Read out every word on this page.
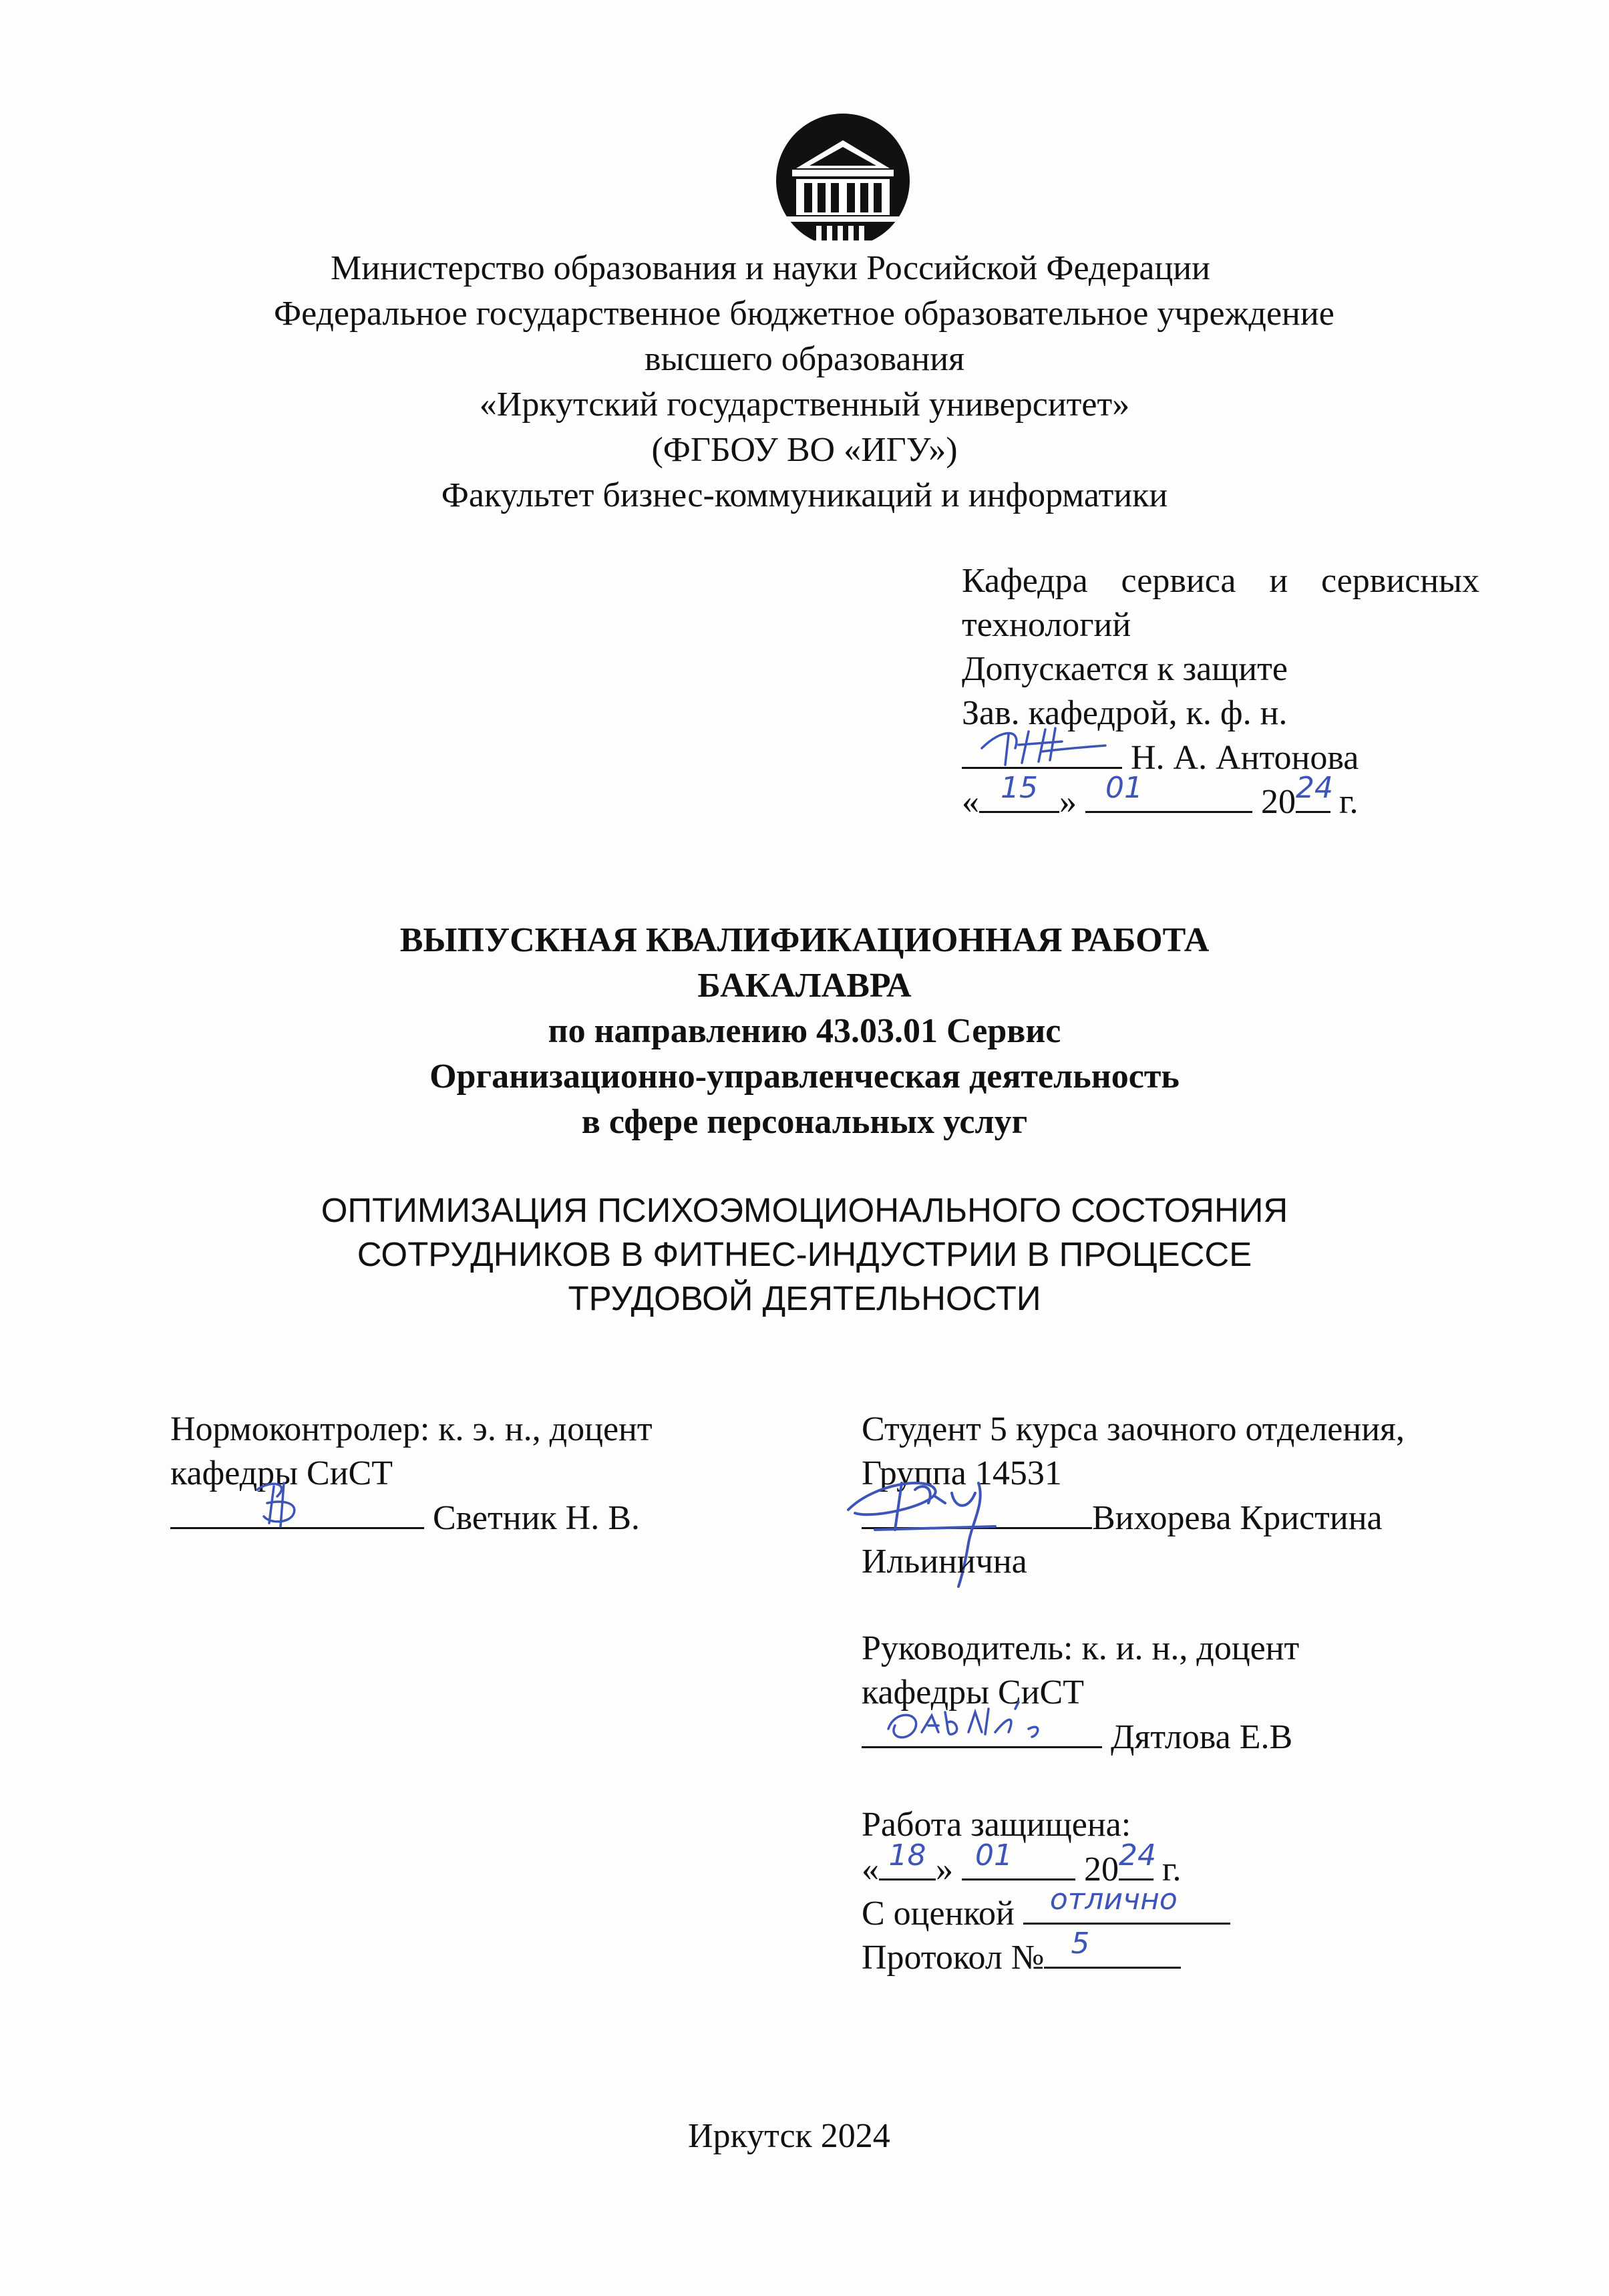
Министерство образования и науки Российской Федерации
Федеральное государственное бюджетное образовательное учреждение
высшего образования
«Иркутский государственный университет»
(ФГБОУ ВО «ИГУ»)
Факультет бизнес-коммуникаций и информатики
Кафедра сервиса и сервисных
технологий
Допускается к защите
Зав. кафедрой, к. ф. н.
Н. А. Антонова
« 15 » 01	20 24 г.
ВЫПУСКНАЯ КВАЛИФИКАЦИОННАЯ РАБОТА
БАКАЛАВРА
по направлению 43.03.01 Сервис
Организационно-управленческая деятельность
в сфере персональных услуг
ОПТИМИЗАЦИЯ ПСИХОЭМОЦИОНАЛЬНОГО СОСТОЯНИЯ
СОТРУДНИКОВ В ФИТНЕС-ИНДУСТРИИ В ПРОЦЕССЕ
ТРУДОВОЙ ДЕЯТЕЛЬНОСТИ
Нормоконтролер: к. э. н., доцент
кафедры СиСТ
Светник Н. В.
Студент 5 курса заочного отделения,
Группа 14531
Вихорева Кристина
Ильинична
Руководитель: к. и. н., доцент
кафедры СиСТ
Дятлова Е.В
Работа защищена:
« 18 » 01	20 24 г.
С оценкой отлично
Протокол № 5
Иркутск 2024
